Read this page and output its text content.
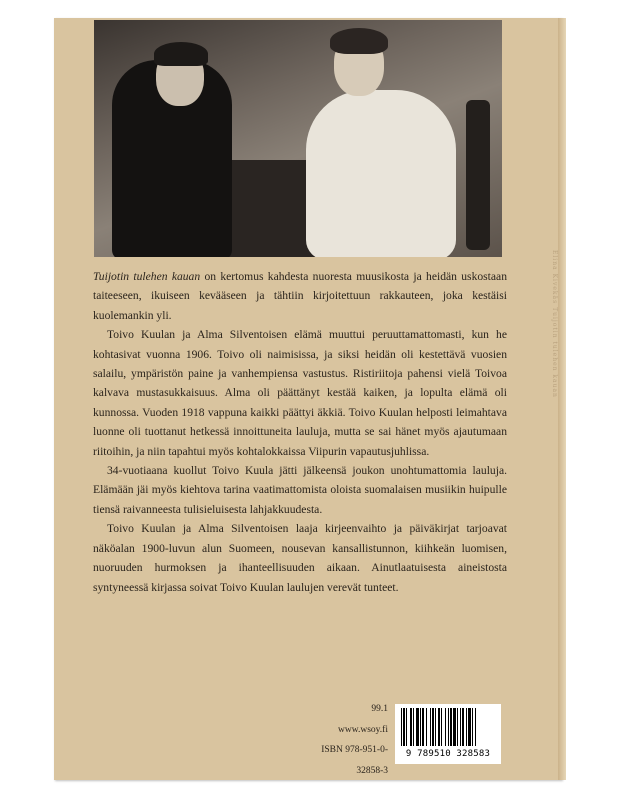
Elina Kivekäs Tuijotin tulehen kauan

Tuijotin tulehen kauan on kertomus kahdesta nuoresta muusikosta ja heidän uskostaan taiteeseen, ikuiseen kevääseen ja tähtiin kirjoitettuun rakkauteen, joka kestäisi kuolemankin yli.

Toivo Kuulan ja Alma Silventoisen elämä muuttui peruuttamattomasti, kun he kohtasivat vuonna 1906. Toivo oli naimisissa, ja siksi heidän oli kestettävä vuosien salailu, ympäristön paine ja vanhempiensa vastustus. Ristiriitoja pahensi vielä Toivoa kalvava mustasukkaisuus. Alma oli päättänyt kestää kaiken, ja lopulta elämä oli kunnossa. Vuoden 1918 vappuna kaikki päättyi äkkiä. Toivo Kuulan helposti leimahtava luonne oli tuottanut hetkessä innoittuneita lauluja, mutta se sai hänet myös ajautumaan riitoihin, ja niin tapahtui myös kohtalokkaissa Viipurin vapautusjuhlissa.

34-vuotiaana kuollut Toivo Kuula jätti jälkeensä joukon unohtumattomia lauluja. Elämään jäi myös kiehtova tarina vaatimattomista oloista suomalaisen musiikin huipulle tiensä raivanneesta tulisieluisesta lahjakkuudesta.

Toivo Kuulan ja Alma Silventoisen laaja kirjeenvaihto ja päiväkirjat tarjoavat näköalan 1900-luvun alun Suomeen, nousevan kansallistunnon, kiihkeän luomisen, nuoruuden hurmoksen ja ihanteellisuuden aikaan. Ainutlaatuisesta aineistosta syntyneessä kirjassa soivat Toivo Kuulan laulujen verevät tunteet.

99.1
www.wsoy.fi
ISBN 978-951-0-32858-3
9 789510 328583
